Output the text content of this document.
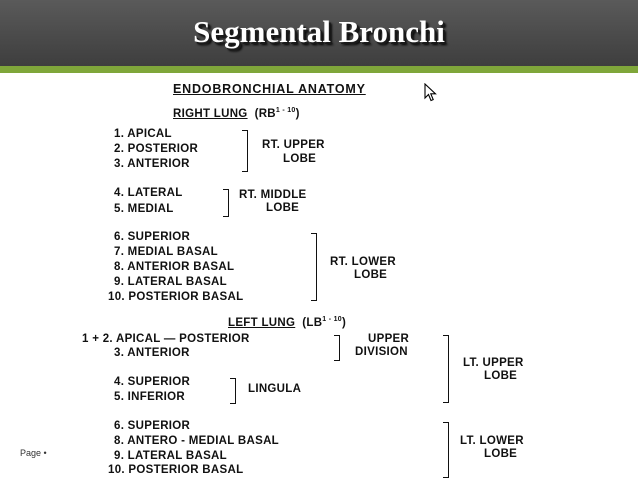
Segmental Bronchi
ENDOBRONCHIAL ANATOMY
RIGHT LUNG (RB$^{1 - 10}$)
1. APICAL
2. POSTERIOR
3. ANTERIOR
RT. UPPER
LOBE
4. LATERAL
5. MEDIAL
RT. MIDDLE
LOBE
6. SUPERIOR
7. MEDIAL BASAL
8. ANTERIOR BASAL
9. LATERAL BASAL
10. POSTERIOR BASAL
RT. LOWER
LOBE
LEFT LUNG (LB$^{1 - 10}$)
1 + 2. APICAL — POSTERIOR
3. ANTERIOR
UPPER
DIVISION
4. SUPERIOR
5. INFERIOR
LINGULA
LT. UPPER
LOBE
6. SUPERIOR
8. ANTERO - MEDIAL BASAL
9. LATERAL BASAL
10. POSTERIOR BASAL
LT. LOWER
LOBE
Page •
